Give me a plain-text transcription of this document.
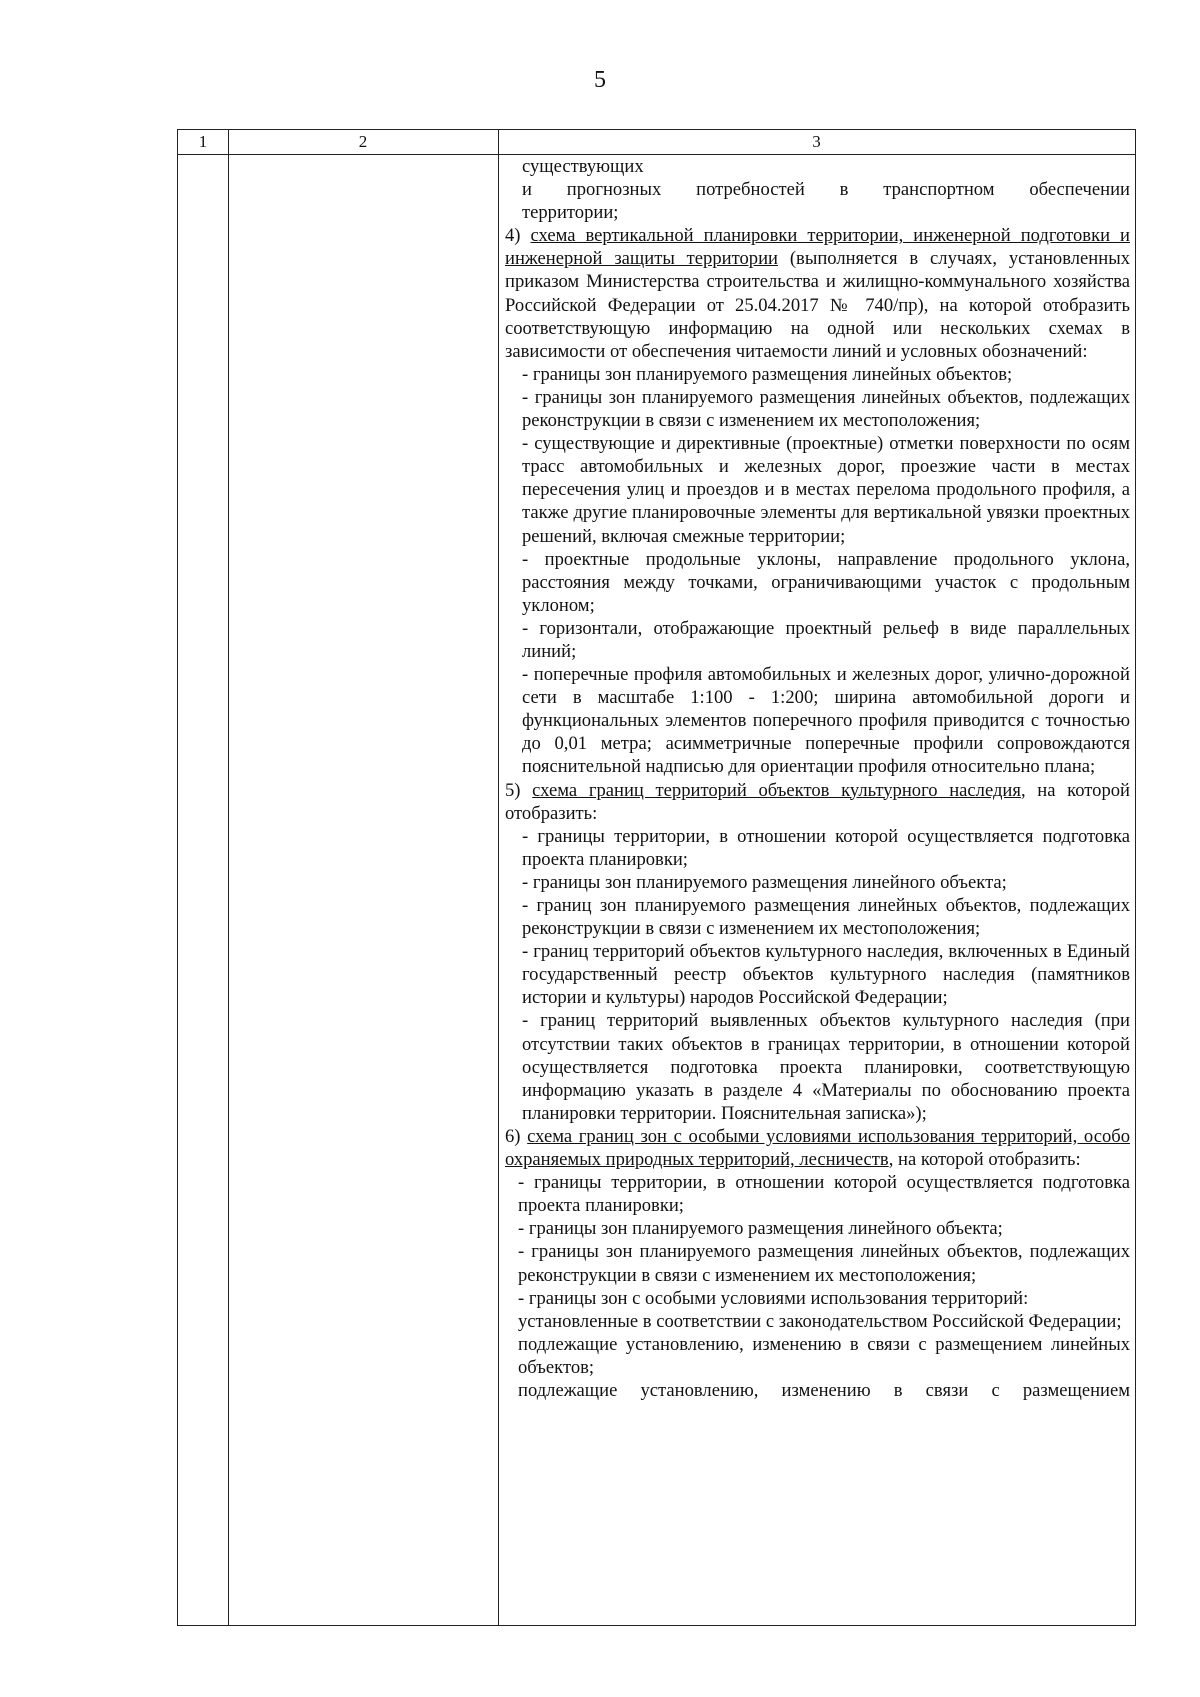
5
1	2	3

существующих

и прогнозных потребностей в транспортном обеспечении

территории;

4) схема вертикальной планировки территории, инженерной подготовки и инженерной защиты территории (выполняется в случаях, установленных приказом Министерства строительства и жилищно-коммунального хозяйства Российской Федерации от 25.04.2017 № 740/пр), на которой отобразить соответствующую информацию на одной или нескольких схемах в зависимости от обеспечения читаемости линий и условных обозначений:

- границы зон планируемого размещения линейных объектов;

- границы зон планируемого размещения линейных объектов, подлежащих реконструкции в связи с изменением их местоположения;

- существующие и директивные (проектные) отметки поверхности по осям трасс автомобильных и железных дорог, проезжие части в местах пересечения улиц и проездов и в местах перелома продольного профиля, а также другие планировочные элементы для вертикальной увязки проектных решений, включая смежные территории;

- проектные продольные уклоны, направление продольного уклона, расстояния между точками, ограничивающими участок с продольным уклоном;

- горизонтали, отображающие проектный рельеф в виде параллельных линий;

- поперечные профиля автомобильных и железных дорог, улично-дорожной сети в масштабе 1:100 - 1:200; ширина автомобильной дороги и функциональных элементов поперечного профиля приводится с точностью до 0,01 метра; асимметричные поперечные профили сопровождаются пояснительной надписью для ориентации профиля относительно плана;

5) схема границ территорий объектов культурного наследия, на которой отобразить:

- границы территории, в отношении которой осуществляется подготовка проекта планировки;

- границы зон планируемого размещения линейного объекта;

- границ зон планируемого размещения линейных объектов, подлежащих реконструкции в связи с изменением их местоположения;

- границ территорий объектов культурного наследия, включенных в Единый государственный реестр объектов культурного наследия (памятников истории и культуры) народов Российской Федерации;

- границ территорий выявленных объектов культурного наследия (при отсутствии таких объектов в границах территории, в отношении которой осуществляется подготовка проекта планировки, соответствующую информацию указать в разделе 4 «Материалы по обоснованию проекта планировки территории. Пояснительная записка»);

6) схема границ зон с особыми условиями использования территорий, особо охраняемых природных территорий, лесничеств, на которой отобразить:

- границы территории, в отношении которой осуществляется подготовка проекта планировки;

- границы зон планируемого размещения линейного объекта;

- границы зон планируемого размещения линейных объектов, подлежащих реконструкции в связи с изменением их местоположения;

- границы зон с особыми условиями использования территорий:

установленные в соответствии с законодательством Российской Федерации;

подлежащие установлению, изменению в связи с размещением линейных объектов;

подлежащие установлению, изменению в связи с размещением
